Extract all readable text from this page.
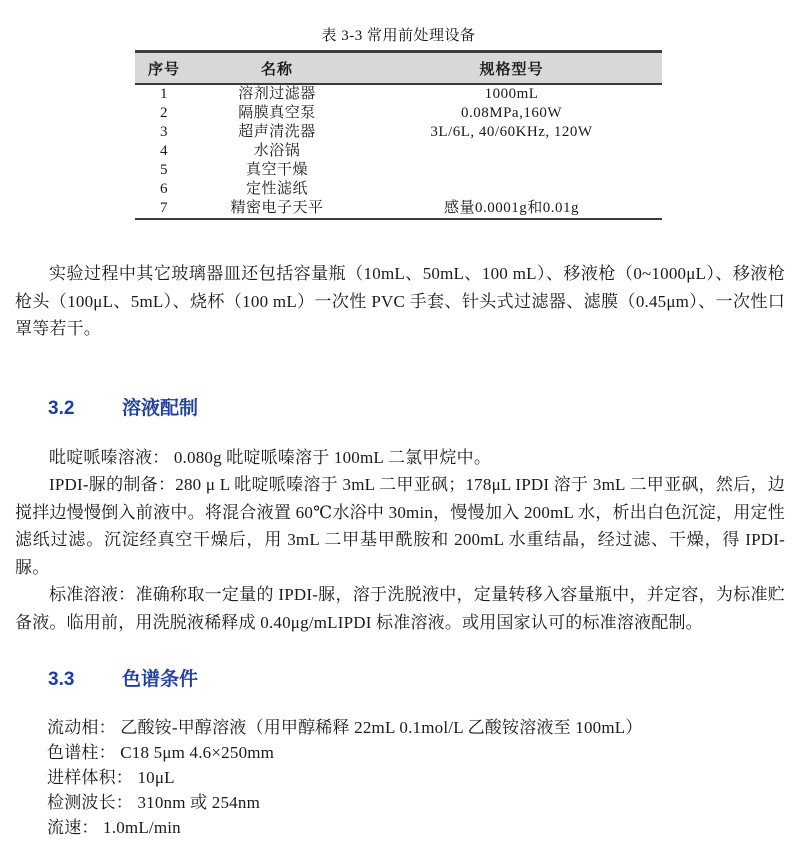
表 3-3 常用前处理设备
序号	名称	规格型号
1	溶剂过滤器	1000mL
2	隔膜真空泵	0.08MPa,160W
3	超声清洗器	3L/6L, 40/60KHz, 120W
4	水浴锅	
5	真空干燥	
6	定性滤纸	
7	精密电子天平	感量0.0001g和0.01g

实验过程中其它玻璃器皿还包括容量瓶（10mL、50mL、100 mL）、移液枪（0~1000μL）、移液枪枪头（100μL、5mL）、烧杯（100 mL）一次性 PVC 手套、针头式过滤器、滤膜（0.45μm）、一次性口罩等若干。

3.2	溶液配制

吡啶哌嗪溶液： 0.080g 吡啶哌嗪溶于 100mL 二氯甲烷中。

IPDI-脲的制备：280 μ L 吡啶哌嗪溶于 3mL 二甲亚砜；178μL IPDI 溶于 3mL 二甲亚砜，然后，边搅拌边慢慢倒入前液中。将混合液置 60℃水浴中 30min，慢慢加入 200mL 水，析出白色沉淀，用定性滤纸过滤。沉淀经真空干燥后，用 3mL 二甲基甲酰胺和 200mL 水重结晶，经过滤、干燥，得 IPDI-脲。

标准溶液：准确称取一定量的 IPDI-脲，溶于洗脱液中，定量转移入容量瓶中，并定容，为标准贮备液。临用前，用洗脱液稀释成 0.40μg/mLIPDI 标准溶液。或用国家认可的标准溶液配制。

3.3	色谱条件

流动相： 乙酸铵-甲醇溶液（用甲醇稀释 22mL 0.1mol/L 乙酸铵溶液至 100mL）

色谱柱： C18 5μm 4.6×250mm

进样体积： 10μL

检测波长： 310nm 或 254nm

流速： 1.0mL/min
